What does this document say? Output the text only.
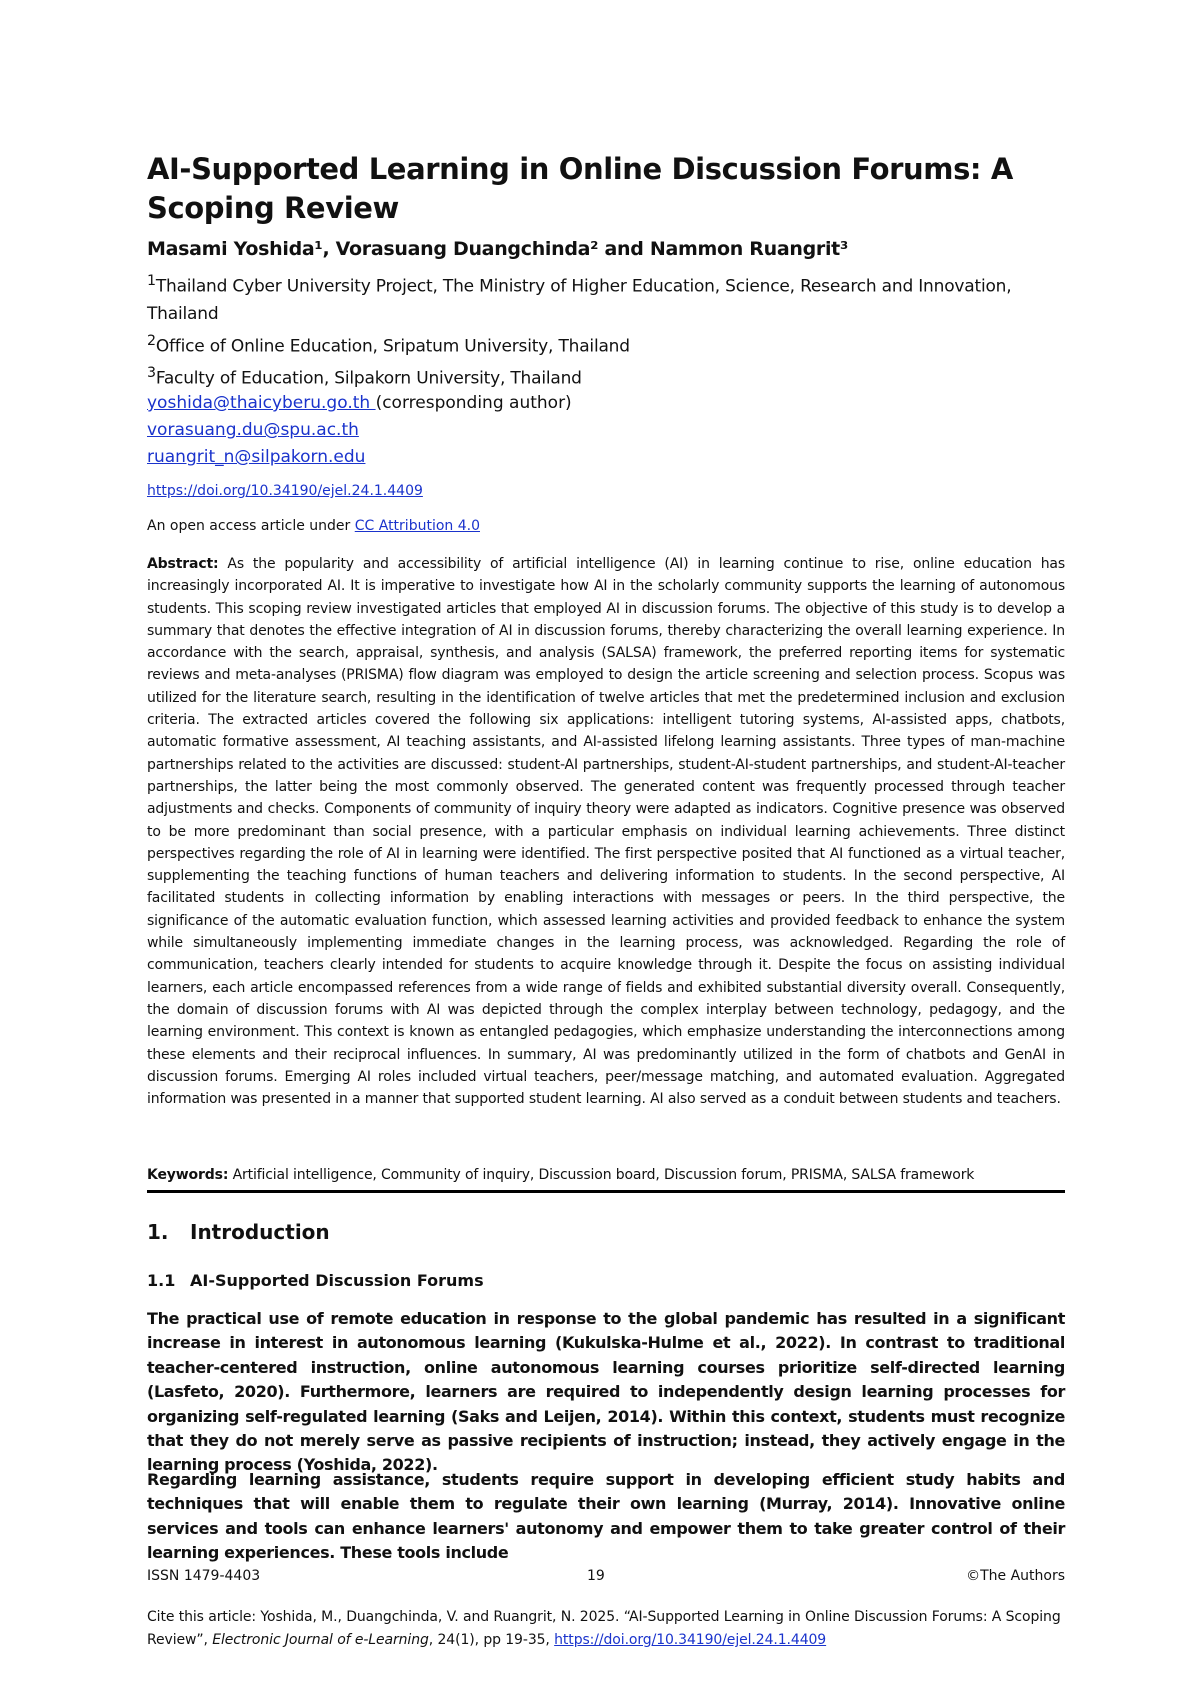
AI-Supported Learning in Online Discussion Forums: A Scoping Review

Masami Yoshida¹, Vorasuang Duangchinda² and Nammon Ruangrit³

$^1$Thailand Cyber University Project, The Ministry of Higher Education, Science, Research and Innovation, Thailand
$^2$Office of Online Education, Sripatum University, Thailand
$^3$Faculty of Education, Silpakorn University, Thailand
yoshida@thaicyberu.go.th (corresponding author)
vorasuang.du@spu.ac.th
ruangrit_n@silpakorn.edu
https://doi.org/10.34190/ejel.24.1.4409
An open access article under CC Attribution 4.0

Abstract: As the popularity and accessibility of artificial intelligence (AI) in learning continue to rise, online education has increasingly incorporated AI. It is imperative to investigate how AI in the scholarly community supports the learning of autonomous students. This scoping review investigated articles that employed AI in discussion forums. The objective of this study is to develop a summary that denotes the effective integration of AI in discussion forums, thereby characterizing the overall learning experience. In accordance with the search, appraisal, synthesis, and analysis (SALSA) framework, the preferred reporting items for systematic reviews and meta-analyses (PRISMA) flow diagram was employed to design the article screening and selection process. Scopus was utilized for the literature search, resulting in the identification of twelve articles that met the predetermined inclusion and exclusion criteria. The extracted articles covered the following six applications: intelligent tutoring systems, AI-assisted apps, chatbots, automatic formative assessment, AI teaching assistants, and AI-assisted lifelong learning assistants. Three types of man-machine partnerships related to the activities are discussed: student-AI partnerships, student-AI-student partnerships, and student-AI-teacher partnerships, the latter being the most commonly observed. The generated content was frequently processed through teacher adjustments and checks. Components of community of inquiry theory were adapted as indicators. Cognitive presence was observed to be more predominant than social presence, with a particular emphasis on individual learning achievements. Three distinct perspectives regarding the role of AI in learning were identified. The first perspective posited that AI functioned as a virtual teacher, supplementing the teaching functions of human teachers and delivering information to students. In the second perspective, AI facilitated students in collecting information by enabling interactions with messages or peers. In the third perspective, the significance of the automatic evaluation function, which assessed learning activities and provided feedback to enhance the system while simultaneously implementing immediate changes in the learning process, was acknowledged. Regarding the role of communication, teachers clearly intended for students to acquire knowledge through it. Despite the focus on assisting individual learners, each article encompassed references from a wide range of fields and exhibited substantial diversity overall. Consequently, the domain of discussion forums with AI was depicted through the complex interplay between technology, pedagogy, and the learning environment. This context is known as entangled pedagogies, which emphasize understanding the interconnections among these elements and their reciprocal influences. In summary, AI was predominantly utilized in the form of chatbots and GenAI in discussion forums. Emerging AI roles included virtual teachers, peer/message matching, and automated evaluation. Aggregated information was presented in a manner that supported student learning. AI also served as a conduit between students and teachers.

Keywords: Artificial intelligence, Community of inquiry, Discussion board, Discussion forum, PRISMA, SALSA framework

1. Introduction
1.1 AI-Supported Discussion Forums

The practical use of remote education in response to the global pandemic has resulted in a significant increase in interest in autonomous learning (Kukulska-Hulme et al., 2022). In contrast to traditional teacher-centered instruction, online autonomous learning courses prioritize self-directed learning (Lasfeto, 2020). Furthermore, learners are required to independently design learning processes for organizing self-regulated learning (Saks and Leijen, 2014). Within this context, students must recognize that they do not merely serve as passive recipients of instruction; instead, they actively engage in the learning process (Yoshida, 2022).

Regarding learning assistance, students require support in developing efficient study habits and techniques that will enable them to regulate their own learning (Murray, 2014). Innovative online services and tools can enhance learners' autonomy and empower them to take greater control of their learning experiences. These tools include

ISSN 1479-4403	19	©The Authors

Cite this article: Yoshida, M., Duangchinda, V. and Ruangrit, N. 2025. “AI-Supported Learning in Online Discussion Forums: A Scoping Review”, Electronic Journal of e-Learning, 24(1), pp 19-35, https://doi.org/10.34190/ejel.24.1.4409
